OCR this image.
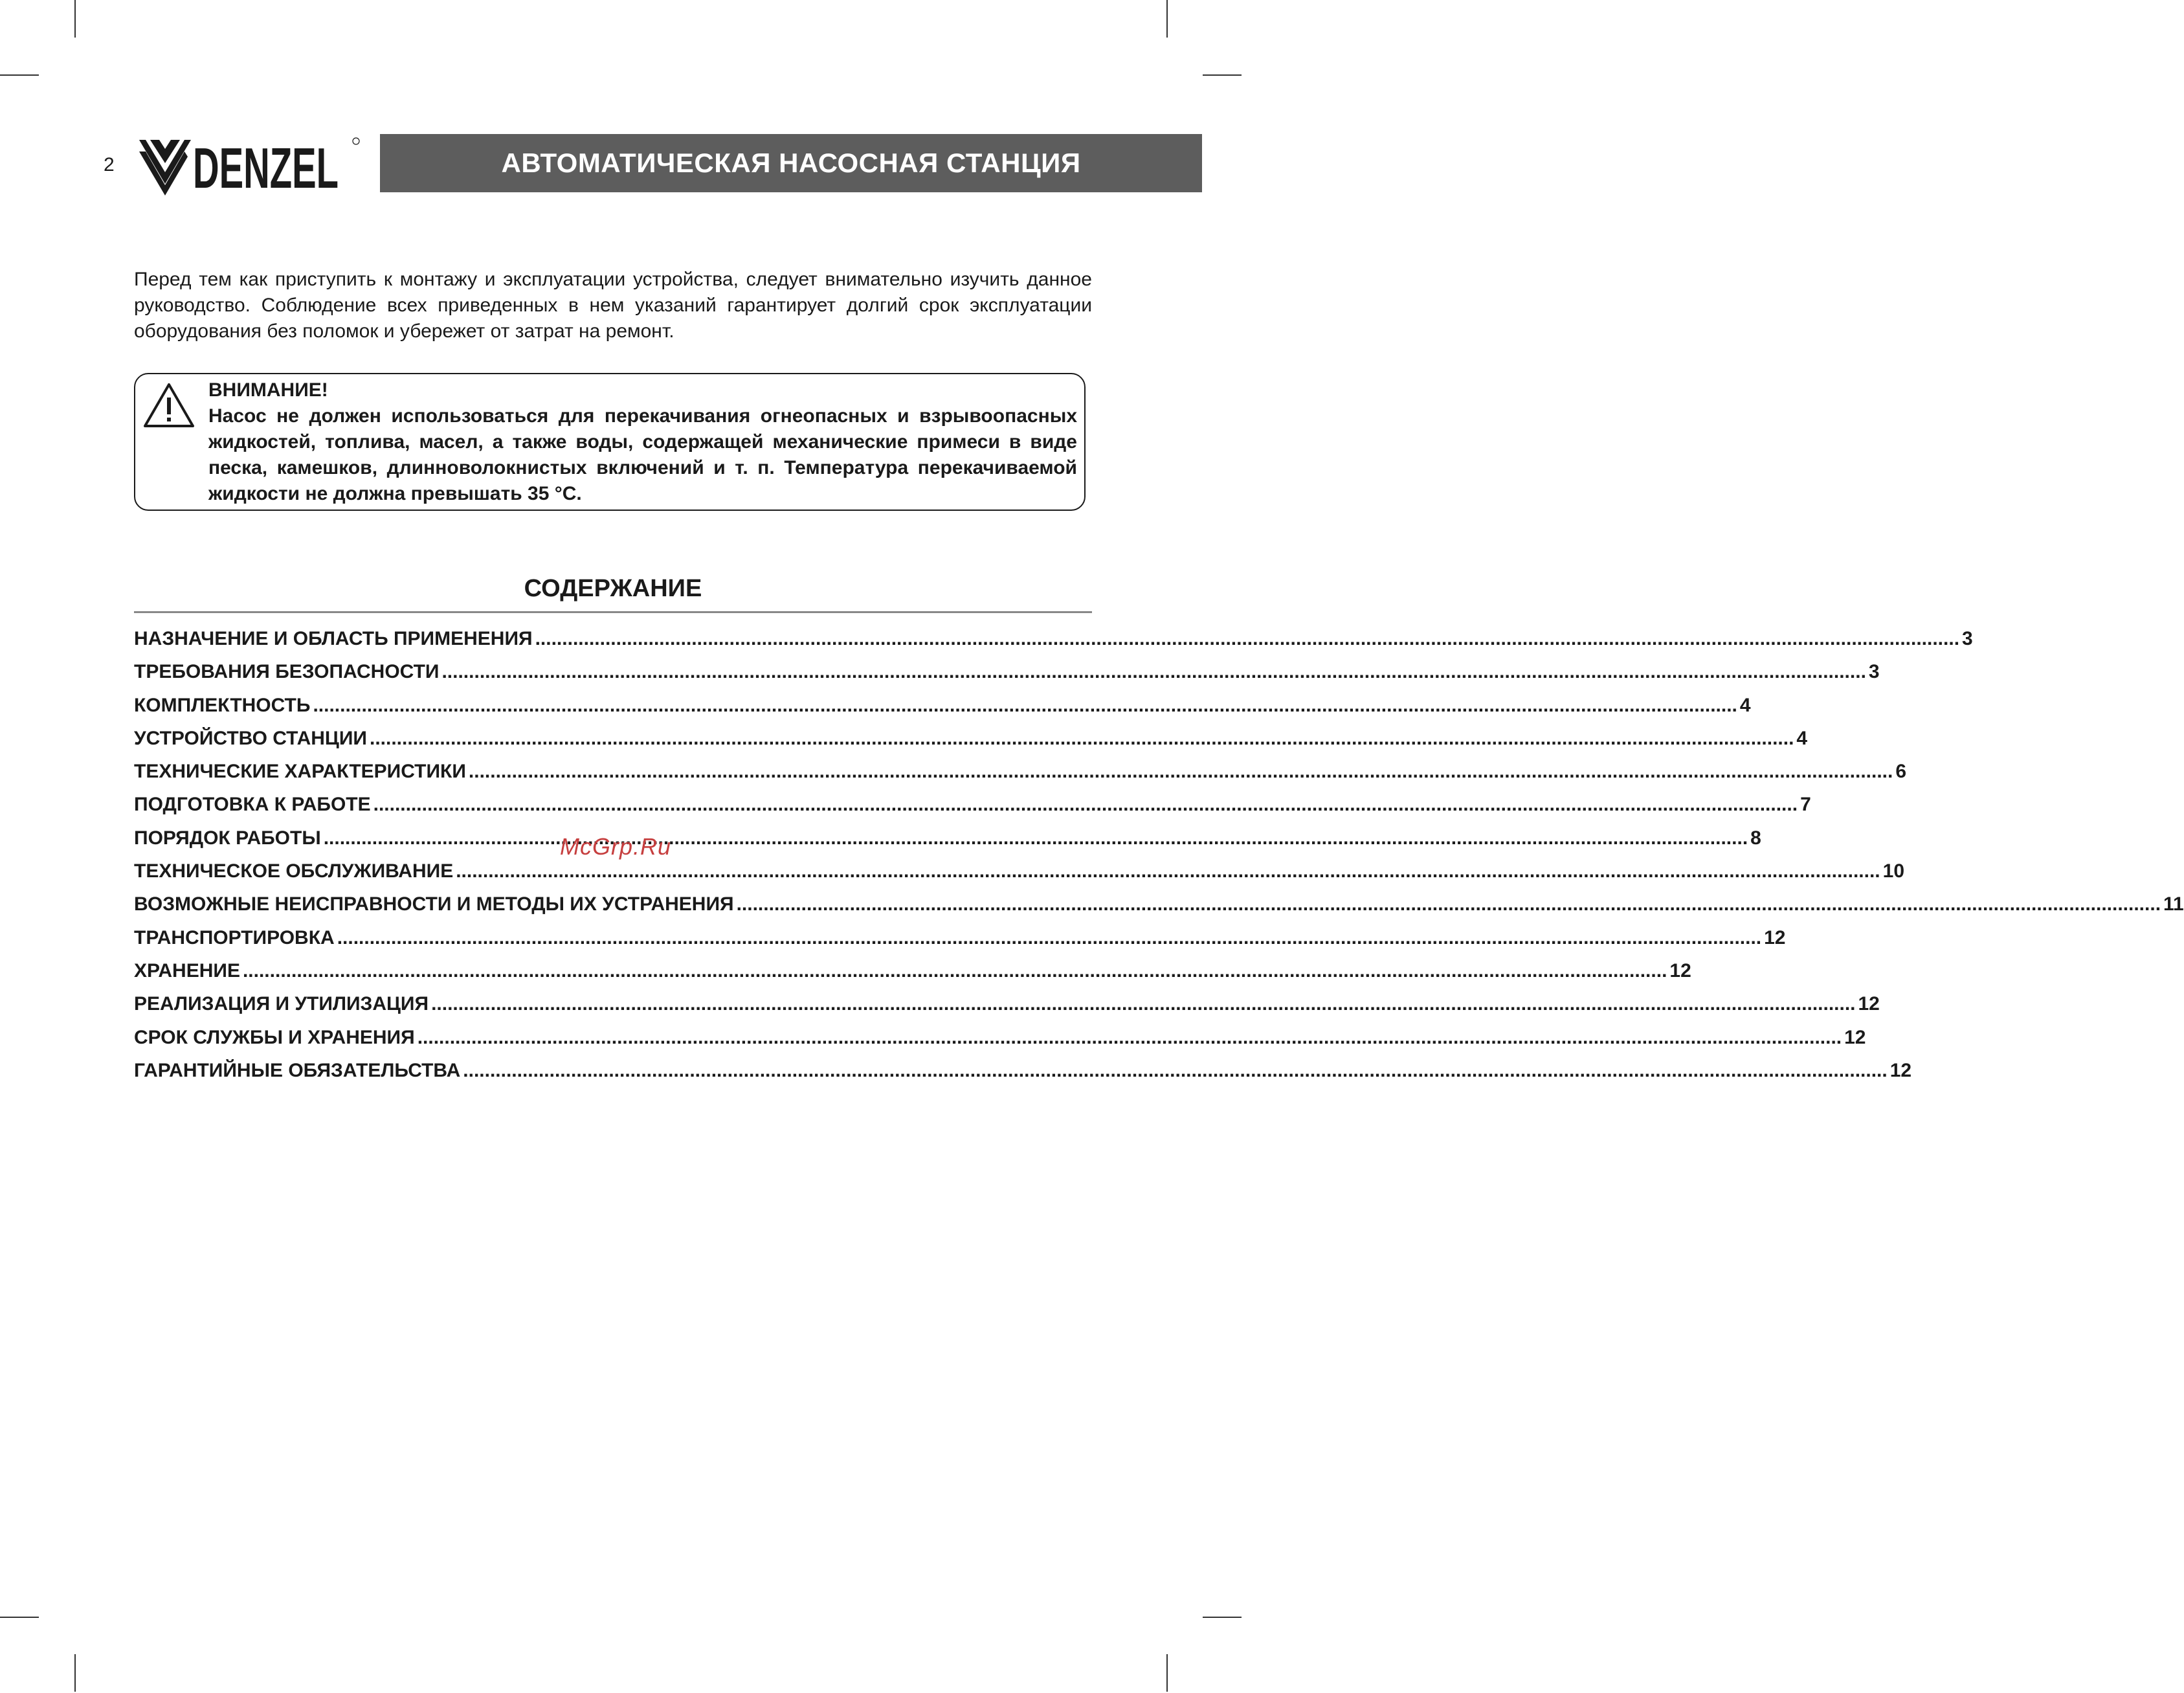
2 DENZEL	АВТОМАТИЧЕСКАЯ НАСОСНАЯ СТАНЦИЯ

Перед тем как приступить к монтажу и эксплуатации устройства, следует внимательно изучить данное руководство. Соблюдение всех приведенных в нем указаний гарантирует долгий срок эксплуатации оборудования без поломок и убережет от затрат на ремонт.

ВНИМАНИЕ!

Насос не должен использоваться для перекачивания огнеопасных и взрывоопасных жидкостей, топлива, масел, а также воды, содержащей механические примеси в виде песка, камешков, длинноволокнистых включений и т. п. Температура перекачиваемой жидкости не должна превышать 35 °С.

СОДЕРЖАНИЕ
НАЗНАЧЕНИЕ И ОБЛАСТЬ ПРИМЕНЕНИЯ .....	3
ТРЕБОВАНИЯ БЕЗОПАСНОСТИ .....	3
КОМПЛЕКТНОСТЬ .....	4
УСТРОЙСТВО СТАНЦИИ .....	4
ТЕХНИЧЕСКИЕ ХАРАКТЕРИСТИКИ .....	6
ПОДГОТОВКА К РАБОТЕ .....	7
ПОРЯДОК РАБОТЫ .....	8
ТЕХНИЧЕСКОЕ ОБСЛУЖИВАНИЕ .....	10
ВОЗМОЖНЫЕ НЕИСПРАВНОСТИ И МЕТОДЫ ИХ УСТРАНЕНИЯ .....	11
ТРАНСПОРТИРОВКА .....	12
ХРАНЕНИЕ .....	12
РЕАЛИЗАЦИЯ И УТИЛИЗАЦИЯ .....	12
СРОК СЛУЖБЫ И ХРАНЕНИЯ .....	12
ГАРАНТИЙНЫЕ ОБЯЗАТЕЛЬСТВА .....	12
McGrp.Ru
